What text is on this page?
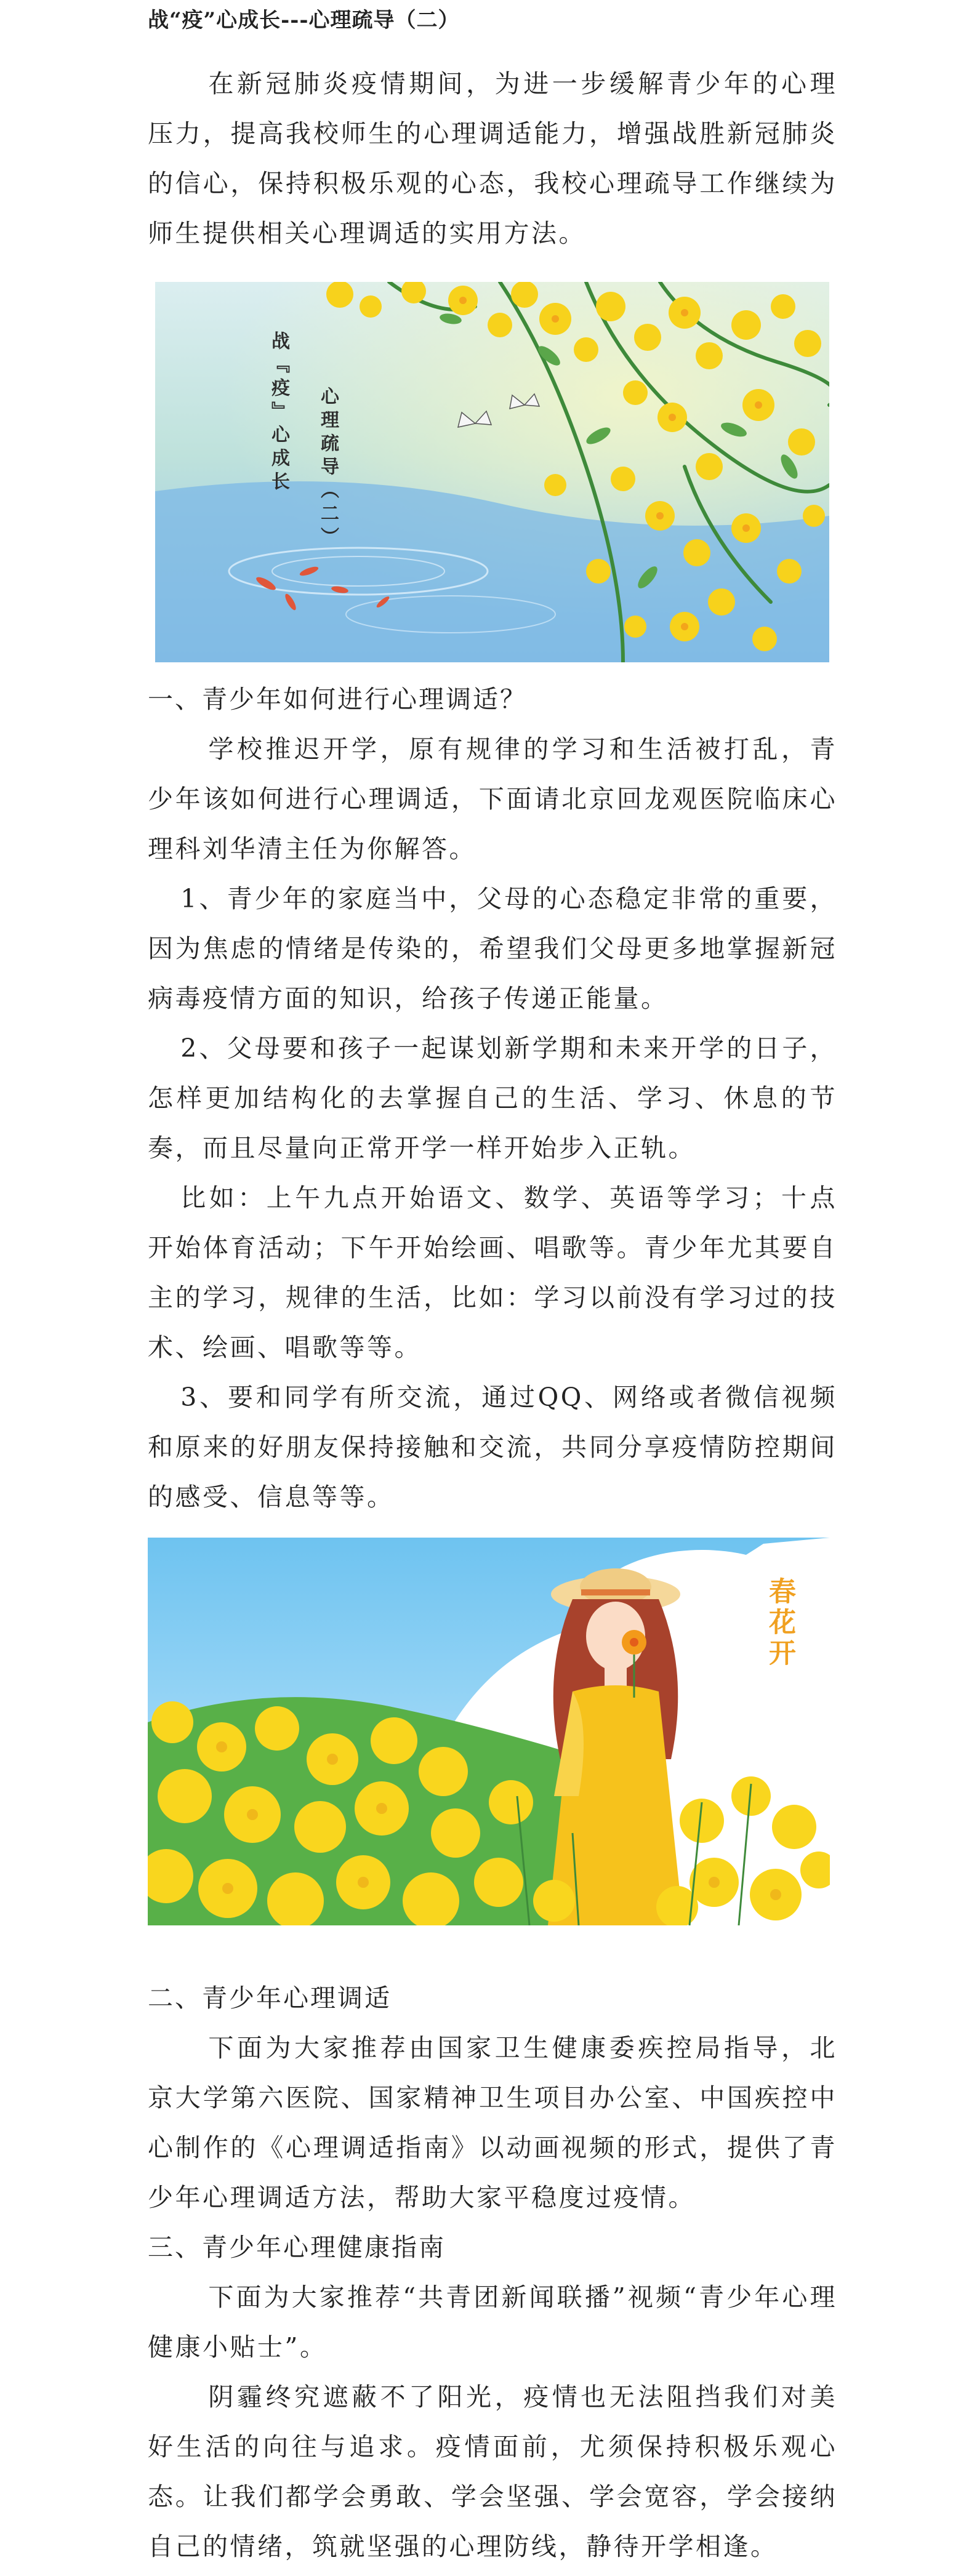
战“疫”心成长---心理疏导（二）

在新冠肺炎疫情期间，为进一步缓解青少年的心理压力，提高我校师生的心理调适能力，增强战胜新冠肺炎的信心，保持积极乐观的心态，我校心理疏导工作继续为师生提供相关心理调适的实用方法。

战『疫』心成长 心理疏导（二）
一、青少年如何进行心理调适？

学校推迟开学，原有规律的学习和生活被打乱，青少年该如何进行心理调适，下面请北京回龙观医院临床心理科刘华清主任为你解答。

1、青少年的家庭当中，父母的心态稳定非常的重要，因为焦虑的情绪是传染的，希望我们父母更多地掌握新冠病毒疫情方面的知识，给孩子传递正能量。

2、父母要和孩子一起谋划新学期和未来开学的日子，怎样更加结构化的去掌握自己的生活、学习、休息的节奏，而且尽量向正常开学一样开始步入正轨。

比如：上午九点开始语文、数学、英语等学习；十点开始体育活动；下午开始绘画、唱歌等。青少年尤其要自主的学习，规律的生活，比如：学习以前没有学习过的技术、绘画、唱歌等等。

3、要和同学有所交流，通过QQ、网络或者微信视频和原来的好朋友保持接触和交流，共同分享疫情防控期间的感受、信息等等。

春花开
二、青少年心理调适

下面为大家推荐由国家卫生健康委疾控局指导，北京大学第六医院、国家精神卫生项目办公室、中国疾控中心制作的《心理调适指南》以动画视频的形式，提供了青少年心理调适方法，帮助大家平稳度过疫情。

三、青少年心理健康指南

下面为大家推荐“共青团新闻联播”视频“青少年心理健康小贴士”。

阴霾终究遮蔽不了阳光，疫情也无法阻挡我们对美好生活的向往与追求。疫情面前，尤须保持积极乐观心态。让我们都学会勇敢、学会坚强、学会宽容，学会接纳自己的情绪，筑就坚强的心理防线，静待开学相逢。
